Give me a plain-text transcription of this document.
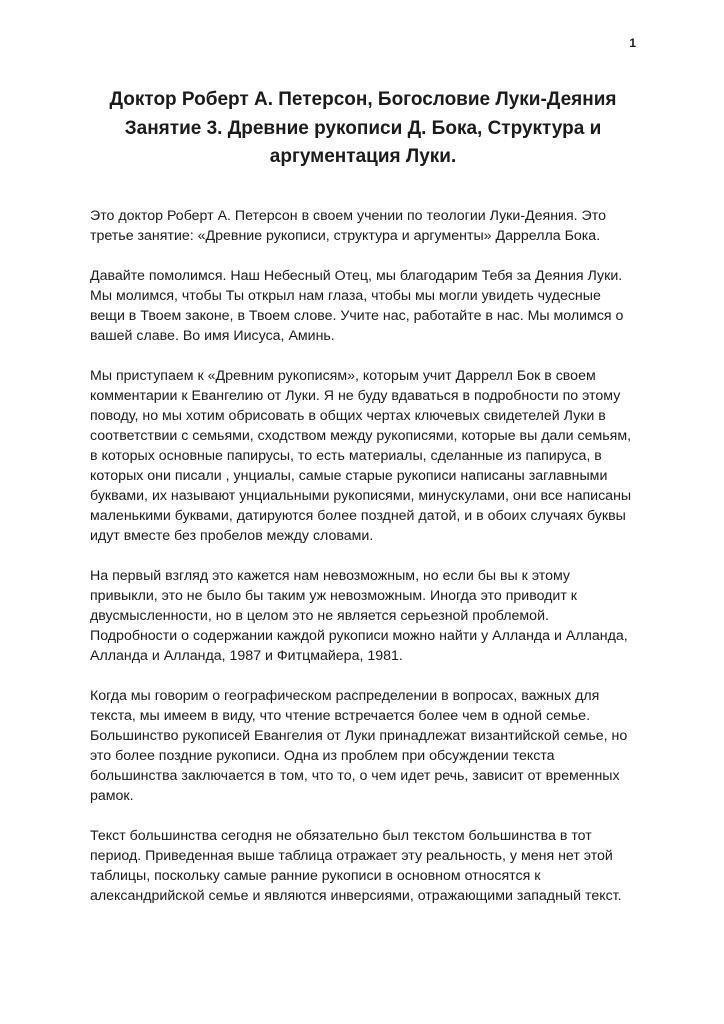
1
Доктор Роберт А. Петерсон, Богословие Луки-Деяния
Занятие 3. Древние рукописи Д. Бока, Структура и аргументация Луки.

Это доктор Роберт А. Петерсон в своем учении по теологии Луки-Деяния. Это третье занятие: «Древние рукописи, структура и аргументы» Даррелла Бока.

Давайте помолимся. Наш Небесный Отец, мы благодарим Тебя за Деяния Луки. Мы молимся, чтобы Ты открыл нам глаза, чтобы мы могли увидеть чудесные вещи в Твоем законе, в Твоем слове. Учите нас, работайте в нас. Мы молимся о вашей славе. Во имя Иисуса, Аминь.

Мы приступаем к «Древним рукописям», которым учит Даррелл Бок в своем комментарии к Евангелию от Луки. Я не буду вдаваться в подробности по этому поводу, но мы хотим обрисовать в общих чертах ключевых свидетелей Луки в соответствии с семьями, сходством между рукописями, которые вы дали семьям, в которых основные папирусы, то есть материалы, сделанные из папируса, в которых они писали , унциалы, самые старые рукописи написаны заглавными буквами, их называют унциальными рукописями, минускулами, они все написаны маленькими буквами, датируются более поздней датой, и в обоих случаях буквы идут вместе без пробелов между словами.

На первый взгляд это кажется нам невозможным, но если бы вы к этому привыкли, это не было бы таким уж невозможным. Иногда это приводит к двусмысленности, но в целом это не является серьезной проблемой. Подробности о содержании каждой рукописи можно найти у Алланда и Алланда, Алланда и Алланда, 1987 и Фитцмайера, 1981.

Когда мы говорим о географическом распределении в вопросах, важных для текста, мы имеем в виду, что чтение встречается более чем в одной семье. Большинство рукописей Евангелия от Луки принадлежат византийской семье, но это более поздние рукописи. Одна из проблем при обсуждении текста большинства заключается в том, что то, о чем идет речь, зависит от временных рамок.

Текст большинства сегодня не обязательно был текстом большинства в тот период. Приведенная выше таблица отражает эту реальность, у меня нет этой таблицы, поскольку самые ранние рукописи в основном относятся к александрийской семье и являются инверсиями, отражающими западный текст.
